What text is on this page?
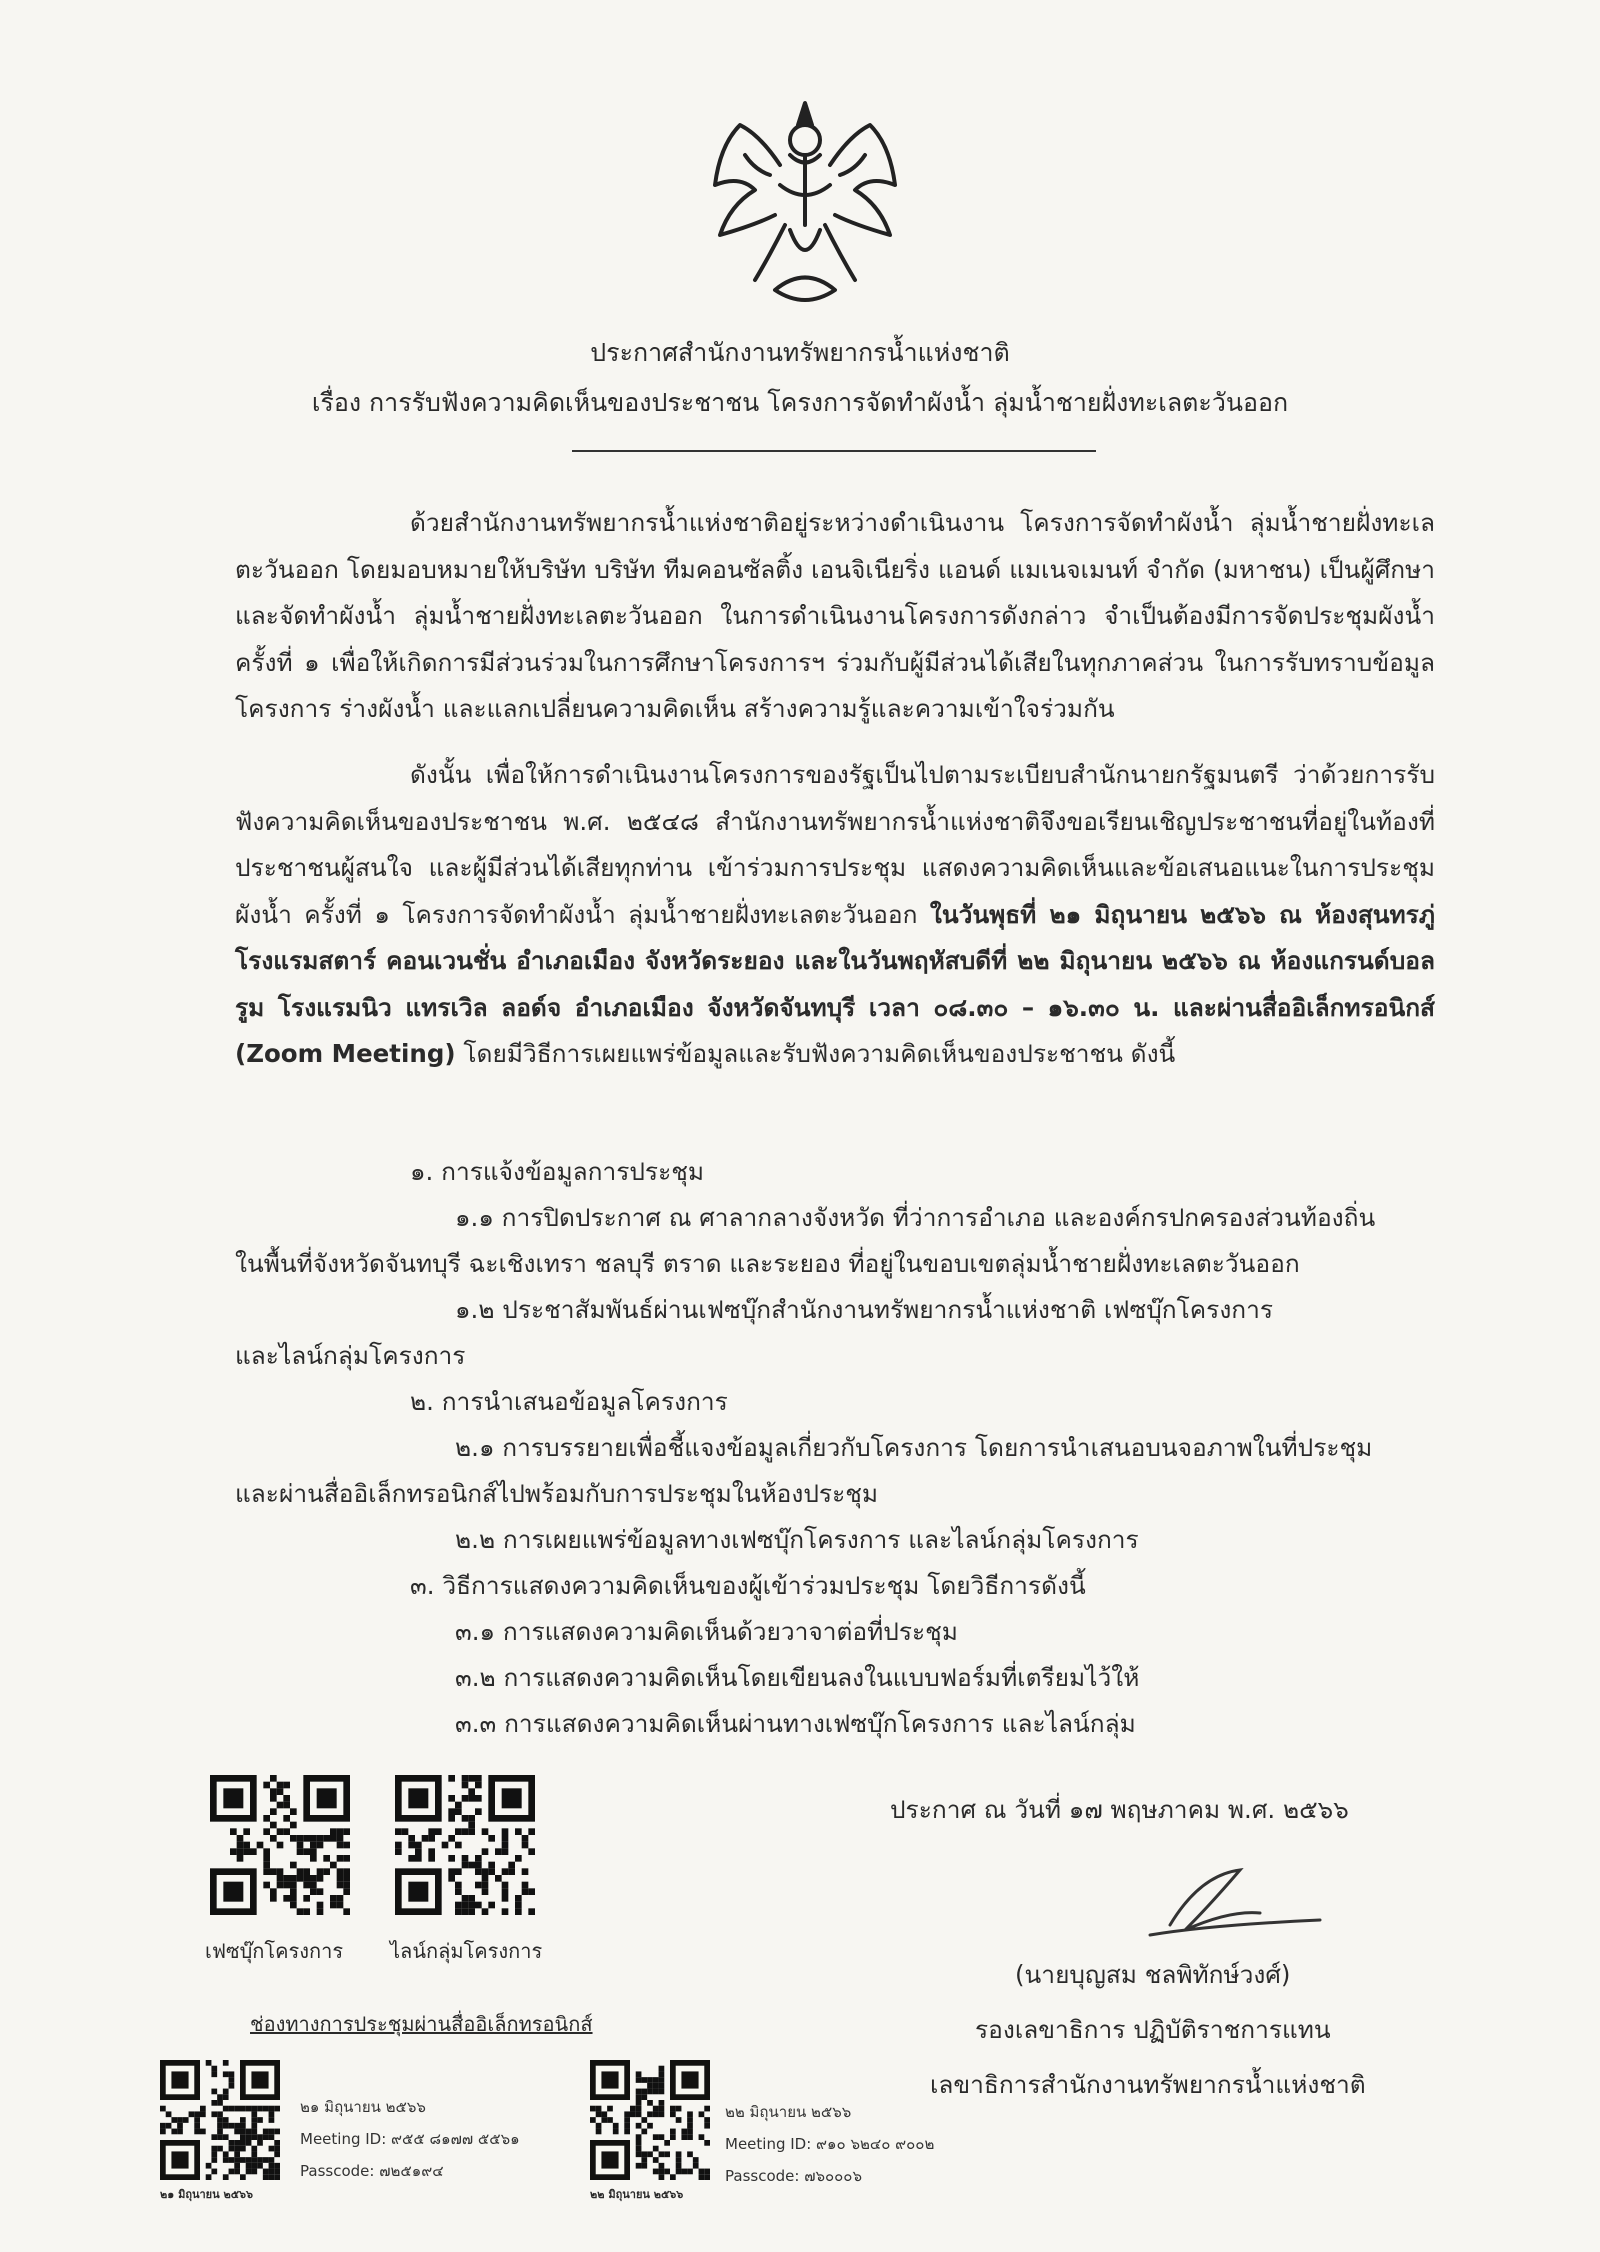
ประกาศสำนักงานทรัพยากรน้ำแห่งชาติ
เรื่อง การรับฟังความคิดเห็นของประชาชน โครงการจัดทำผังน้ำ ลุ่มน้ำชายฝั่งทะเลตะวันออก
ด้วยสำนักงานทรัพยากรน้ำแห่งชาติอยู่ระหว่างดำเนินงาน โครงการจัดทำผังน้ำ ลุ่มน้ำชายฝั่งทะเลตะวันออก โดยมอบหมายให้บริษัท บริษัท ทีมคอนซัลติ้ง เอนจิเนียริ่ง แอนด์ แมเนจเมนท์ จำกัด (มหาชน) เป็นผู้ศึกษาและจัดทำผังน้ำ ลุ่มน้ำชายฝั่งทะเลตะวันออก ในการดำเนินงานโครงการดังกล่าว จำเป็นต้องมีการจัดประชุมผังน้ำ ครั้งที่ ๑ เพื่อให้เกิดการมีส่วนร่วมในการศึกษาโครงการฯ ร่วมกับผู้มีส่วนได้เสียในทุกภาคส่วน ในการรับทราบข้อมูลโครงการ ร่างผังน้ำ และแลกเปลี่ยนความคิดเห็น สร้างความรู้และความเข้าใจร่วมกัน
ดังนั้น เพื่อให้การดำเนินงานโครงการของรัฐเป็นไปตามระเบียบสำนักนายกรัฐมนตรี ว่าด้วยการรับฟังความคิดเห็นของประชาชน พ.ศ. ๒๕๔๘ สำนักงานทรัพยากรน้ำแห่งชาติจึงขอเรียนเชิญประชาชนที่อยู่ในท้องที่ ประชาชนผู้สนใจ และผู้มีส่วนได้เสียทุกท่าน เข้าร่วมการประชุม แสดงความคิดเห็นและข้อเสนอแนะในการประชุมผังน้ำ ครั้งที่ ๑ โครงการจัดทำผังน้ำ ลุ่มน้ำชายฝั่งทะเลตะวันออก ในวันพุธที่ ๒๑ มิถุนายน ๒๕๖๖ ณ ห้องสุนทรภู่ โรงแรมสตาร์ คอนเวนชั่น อำเภอเมือง จังหวัดระยอง และในวันพฤหัสบดีที่ ๒๒ มิถุนายน ๒๕๖๖ ณ ห้องแกรนด์บอลรูม โรงแรมนิว แทรเวิล ลอด์จ อำเภอเมือง จังหวัดจันทบุรี เวลา ๐๘.๓๐ – ๑๖.๓๐ น. และผ่านสื่ออิเล็กทรอนิกส์ (Zoom Meeting) โดยมีวิธีการเผยแพร่ข้อมูลและรับฟังความคิดเห็นของประชาชน ดังนี้
๑. การแจ้งข้อมูลการประชุม
๑.๑ การปิดประกาศ ณ ศาลากลางจังหวัด ที่ว่าการอำเภอ และองค์กรปกครองส่วนท้องถิ่น
ในพื้นที่จังหวัดจันทบุรี ฉะเชิงเทรา ชลบุรี ตราด และระยอง ที่อยู่ในขอบเขตลุ่มน้ำชายฝั่งทะเลตะวันออก
๑.๒ ประชาสัมพันธ์ผ่านเฟซบุ๊กสำนักงานทรัพยากรน้ำแห่งชาติ เฟซบุ๊กโครงการ
และไลน์กลุ่มโครงการ
๒. การนำเสนอข้อมูลโครงการ
๒.๑ การบรรยายเพื่อชี้แจงข้อมูลเกี่ยวกับโครงการ โดยการนำเสนอบนจอภาพในที่ประชุม
และผ่านสื่ออิเล็กทรอนิกส์ไปพร้อมกับการประชุมในห้องประชุม
๒.๒ การเผยแพร่ข้อมูลทางเฟซบุ๊กโครงการ และไลน์กลุ่มโครงการ
๓. วิธีการแสดงความคิดเห็นของผู้เข้าร่วมประชุม โดยวิธีการดังนี้
๓.๑ การแสดงความคิดเห็นด้วยวาจาต่อที่ประชุม
๓.๒ การแสดงความคิดเห็นโดยเขียนลงในแบบฟอร์มที่เตรียมไว้ให้
๓.๓ การแสดงความคิดเห็นผ่านทางเฟซบุ๊กโครงการ และไลน์กลุ่ม
ประกาศ ณ วันที่ ๑๗ พฤษภาคม พ.ศ. ๒๕๖๖
เฟซบุ๊กโครงการ ไลน์กลุ่มโครงการ
ช่องทางการประชุมผ่านสื่ออิเล็กทรอนิกส์
๒๑ มิถุนายน ๒๕๖๖
๒๑ มิถุนายน ๒๕๖๖
Meeting ID: ๙๕๕ ๘๑๗๗ ๕๕๖๑
Passcode: ๗๒๕๑๙๔
๒๒ มิถุนายน ๒๕๖๖
๒๒ มิถุนายน ๒๕๖๖
Meeting ID: ๙๑๐ ๖๒๔๐ ๙๐๐๒
Passcode: ๗๖๐๐๐๖
(นายบุญสม ชลพิทักษ์วงศ์)
รองเลขาธิการ ปฏิบัติราชการแทน
เลขาธิการสำนักงานทรัพยากรน้ำแห่งชาติ
